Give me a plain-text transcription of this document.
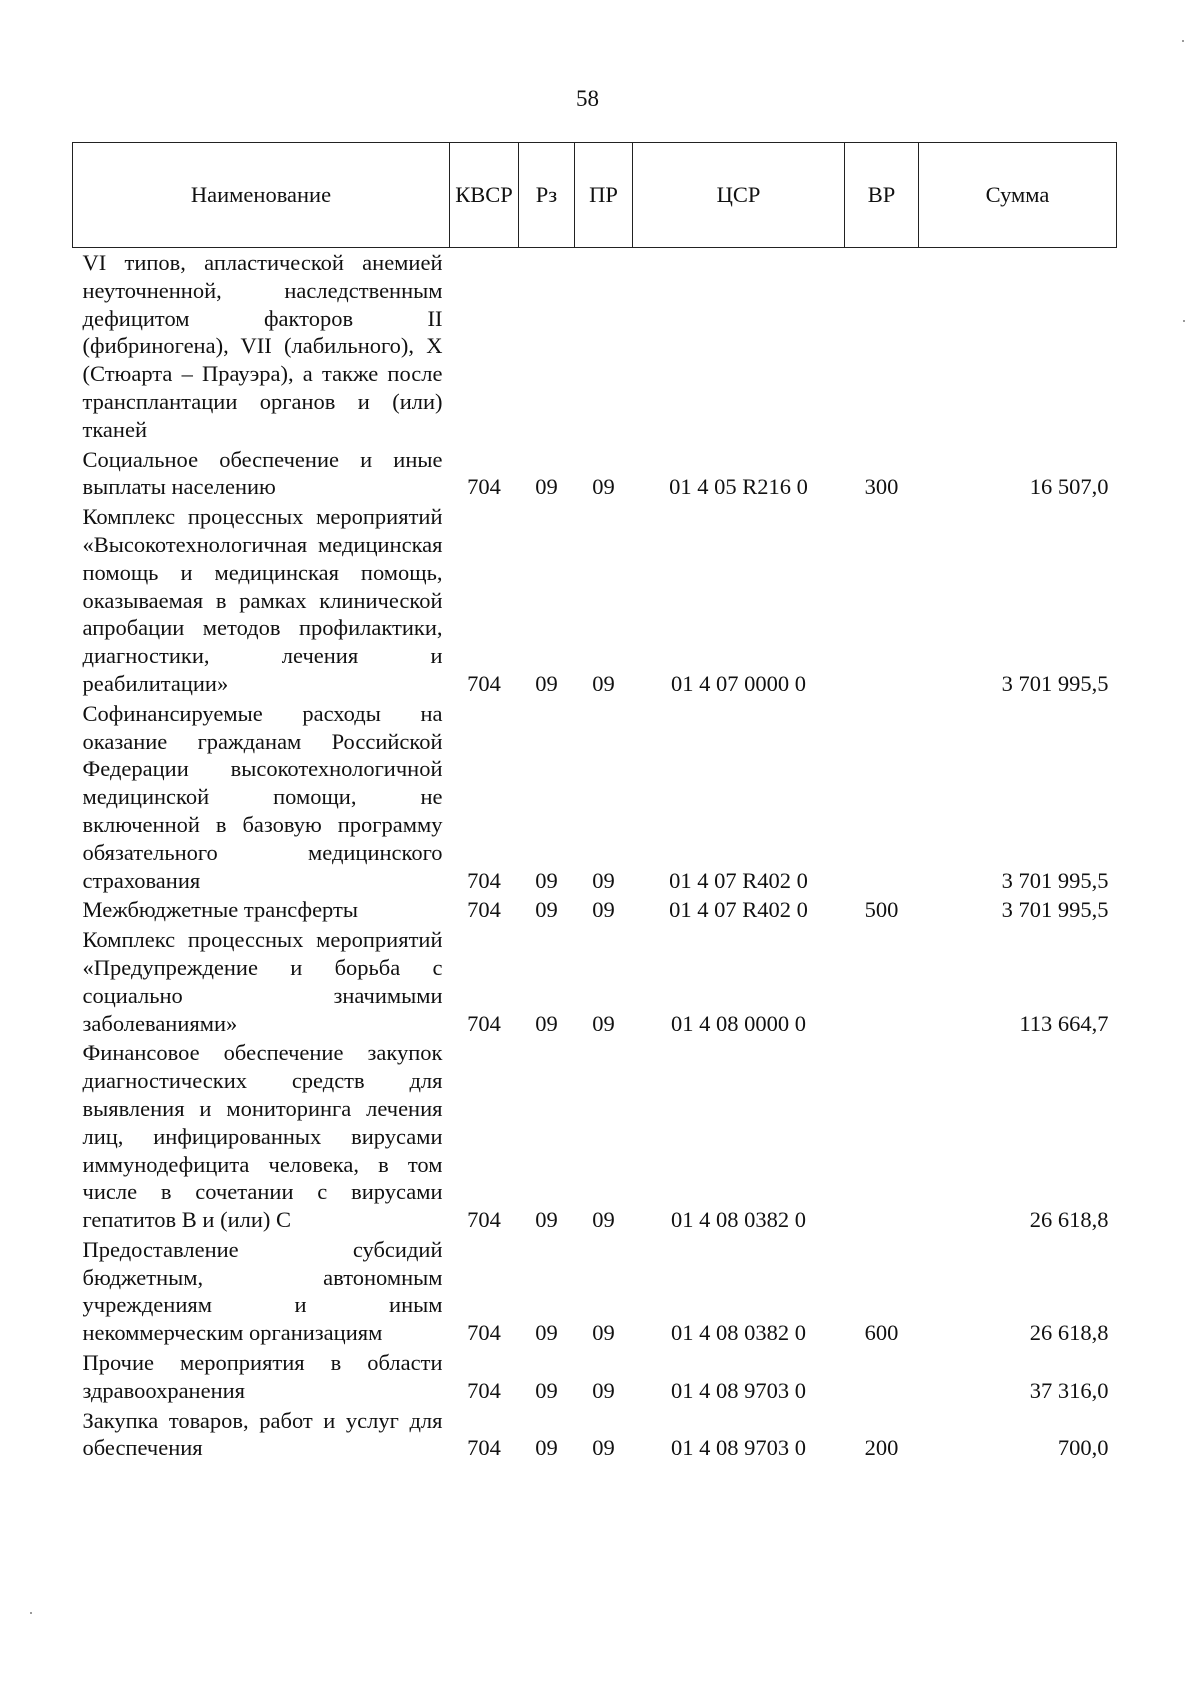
58
Наименование	КВСР	Рз	ПР	ЦСР	ВР	Сумма
VI типов, апластической анемией неуточненной, наследственным дефицитом факторов II (фибриногена), VII (лабильного), X (Стюарта – Прауэра), а также после трансплантации органов и (или) тканей						
Социальное обеспечение и иные выплаты населению	704	09	09	01 4 05 R216 0	300	16 507,0
Комплекс процессных мероприятий «Высокотехнологичная медицинская помощь и медицинская помощь, оказываемая в рамках клинической апробации методов профилактики, диагностики, лечения и реабилитации»	704	09	09	01 4 07 0000 0		3 701 995,5
Софинансируемые расходы на оказание гражданам Российской Федерации высокотехнологичной медицинской помощи, не включенной в базовую программу обязательного медицинского страхования	704	09	09	01 4 07 R402 0		3 701 995,5
Межбюджетные трансферты	704	09	09	01 4 07 R402 0	500	3 701 995,5
Комплекс процессных мероприятий «Предупреждение и борьба с социально значимыми заболеваниями»	704	09	09	01 4 08 0000 0		113 664,7
Финансовое обеспечение закупок диагностических средств для выявления и мониторинга лечения лиц, инфицированных вирусами иммунодефицита человека, в том числе в сочетании с вирусами гепатитов B и (или) C	704	09	09	01 4 08 0382 0		26 618,8
Предоставление субсидий бюджетным, автономным учреждениям и иным некоммерческим организациям	704	09	09	01 4 08 0382 0	600	26 618,8
Прочие мероприятия в области здравоохранения	704	09	09	01 4 08 9703 0		37 316,0
Закупка товаров, работ и услуг для обеспечения	704	09	09	01 4 08 9703 0	200	700,0
